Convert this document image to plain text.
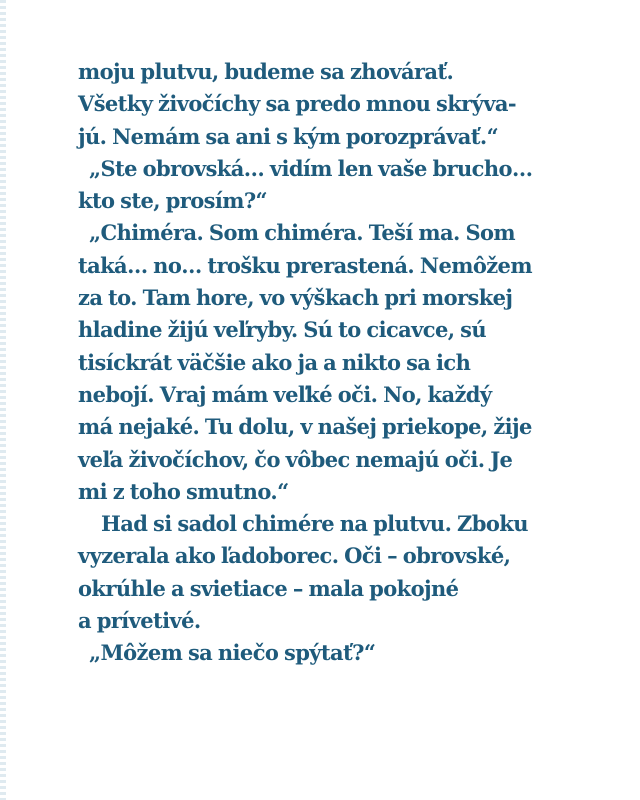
moju plutvu, budeme sa zhovárať.
Všetky živočíchy sa predo mnou skrýva-
jú. Nemám sa ani s kým porozprávať.“
„Ste obrovská… vidím len vaše brucho…
kto ste, prosím?“
„Chiméra. Som chiméra. Teší ma. Som
taká… no… trošku prerastená. Nemôžem
za to. Tam hore, vo výškach pri morskej
hladine žijú veľryby. Sú to cicavce, sú
tisíckrát väčšie ako ja a nikto sa ich
nebojí. Vraj mám veľké oči. No, každý
má nejaké. Tu dolu, v našej priekope, žije
veľa živočíchov, čo vôbec nemajú oči. Je
mi z toho smutno.“
Had si sadol chimére na plutvu. Zboku
vyzerala ako ľadoborec. Oči – obrovské,
okrúhle a svietiace – mala pokojné
a prívetivé.
„Môžem sa niečo spýtať?“
